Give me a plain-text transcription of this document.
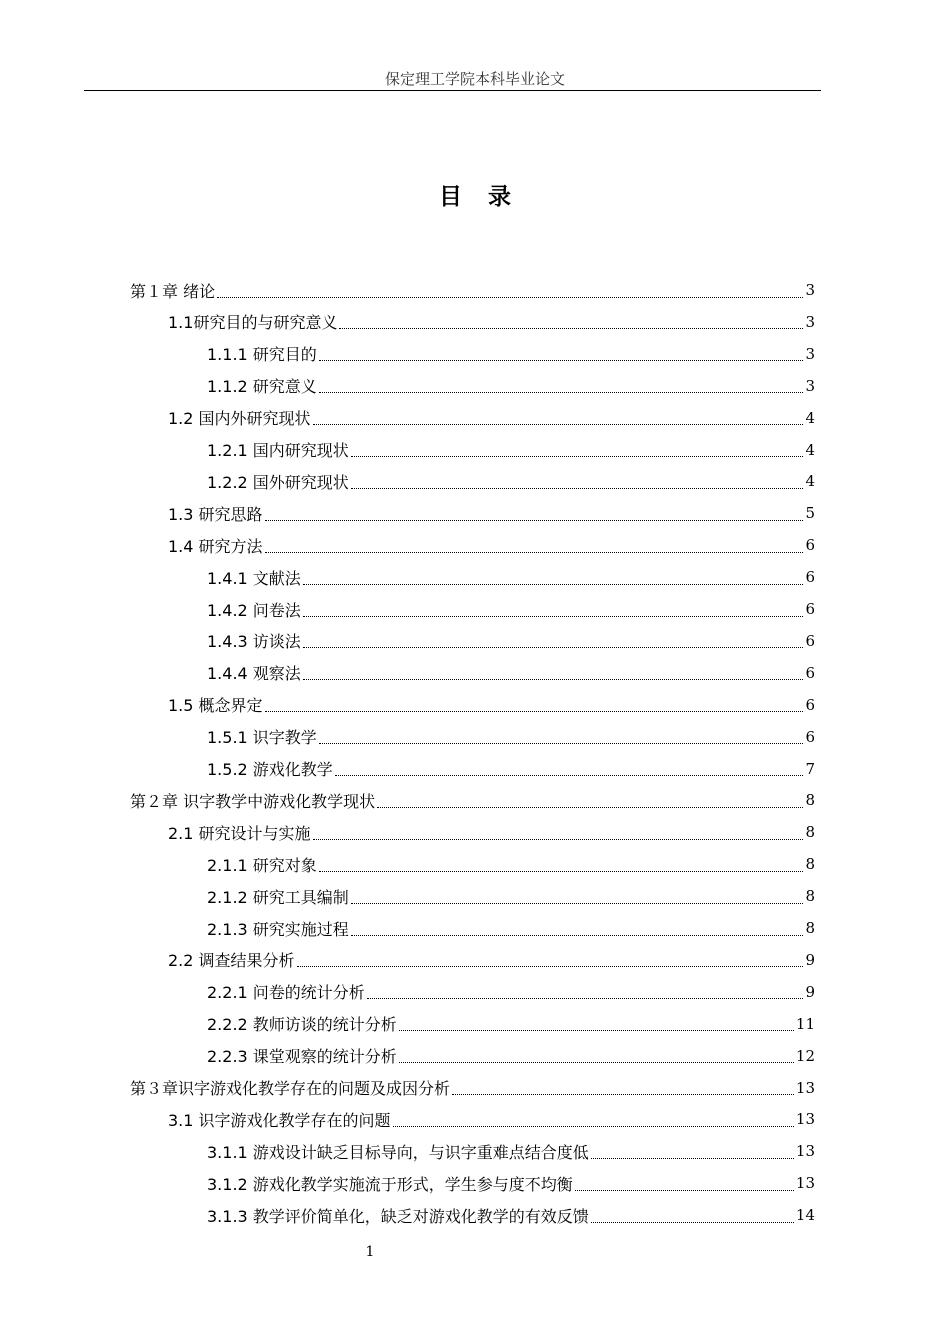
保定理工学院本科毕业论文
目录
第１章 绪论	3
1.1研究目的与研究意义	3
1.1.1 研究目的	3
1.1.2 研究意义	3
1.2 国内外研究现状	4
1.2.1 国内研究现状	4
1.2.2 国外研究现状	4
1.3 研究思路	5
1.4 研究方法	6
1.4.1 文献法	6
1.4.2 问卷法	6
1.4.3 访谈法	6
1.4.4 观察法	6
1.5 概念界定	6
1.5.1 识字教学	6
1.5.2 游戏化教学	7
第２章 识字教学中游戏化教学现状	8
2.1 研究设计与实施	8
2.1.1 研究对象	8
2.1.2 研究工具编制	8
2.1.3 研究实施过程	8
2.2 调查结果分析	9
2.2.1 问卷的统计分析	9
2.2.2 教师访谈的统计分析	11
2.2.3 课堂观察的统计分析	12
第３章识字游戏化教学存在的问题及成因分析	13
3.1 识字游戏化教学存在的问题	13
3.1.1 游戏设计缺乏目标导向，与识字重难点结合度低	13
3.1.2 游戏化教学实施流于形式，学生参与度不均衡	13
3.1.3 教学评价简单化，缺乏对游戏化教学的有效反馈	14
1
